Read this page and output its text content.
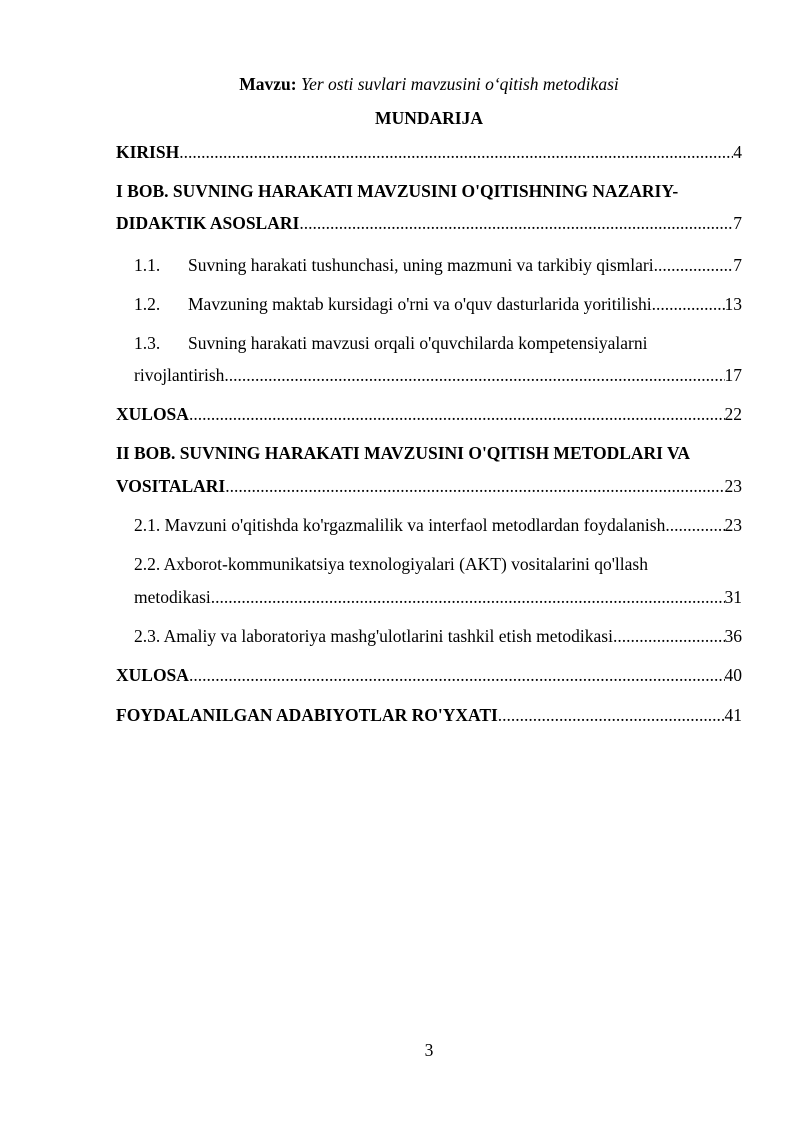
Mavzu: Yer osti suvlari mavzusini o‘qitish metodikasi
MUNDARIJA
KIRISH .....	4
I BOB. SUVNING HARAKATI MAVZUSINI O'QITISHNING NAZARIY-
DIDAKTIK ASOSLARI .....	7
1.1. Suvning harakati tushunchasi, uning mazmuni va tarkibiy qismlari .....	7
1.2. Mavzuning maktab kursidagi o'rni va o'quv dasturlarida yoritilishi .....	13
1.3. Suvning harakati mavzusi orqali o'quvchilarda kompetensiyalarni
rivojlantirish .....	17
XULOSA .....	22
II BOB. SUVNING HARAKATI MAVZUSINI O'QITISH METODLARI VA
VOSITALARI .....	23
2.1. Mavzuni o'qitishda ko'rgazmalilik va interfaol metodlardan foydalanish .....	23
2.2. Axborot-kommunikatsiya texnologiyalari (AKT) vositalarini qo'llash
metodikasi .....	31
2.3. Amaliy va laboratoriya mashg'ulotlarini tashkil etish metodikasi .....	36
XULOSA .....	40
FOYDALANILGAN ADABIYOTLAR RO'YXATI .....	41
3
